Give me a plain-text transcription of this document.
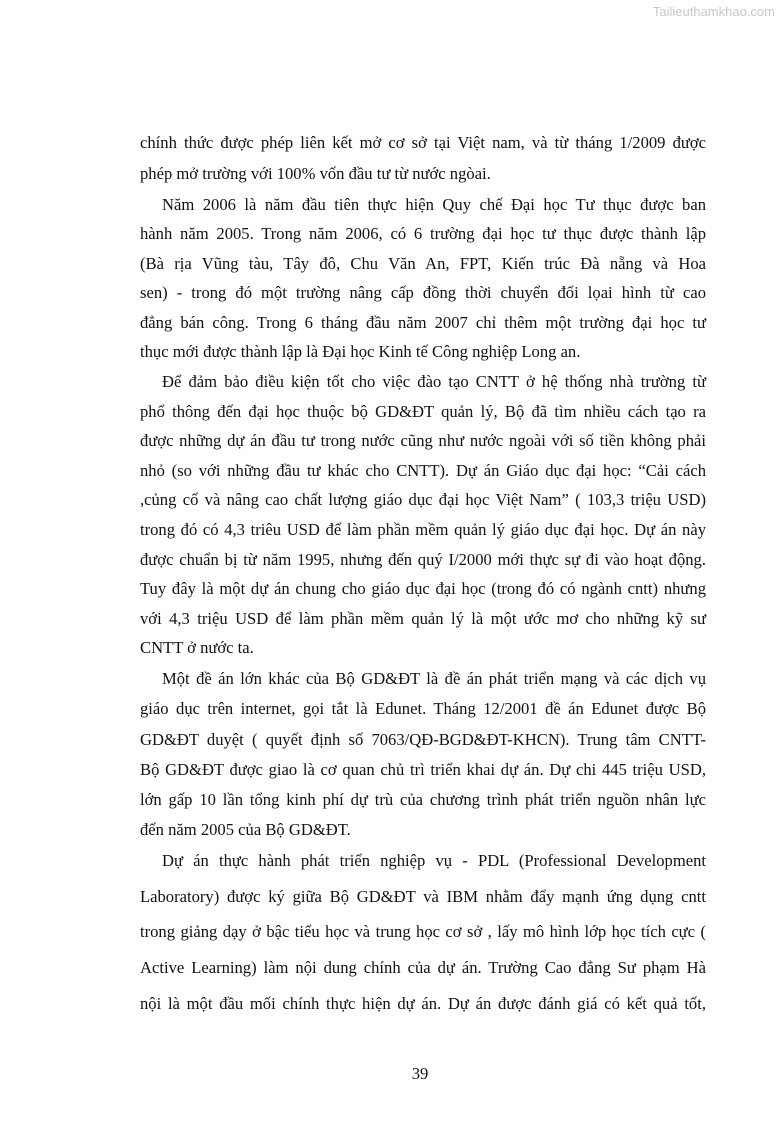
Tailieuthamkhao.com
chính thức được phép liên kết mở cơ sở tại Việt nam, và từ tháng 1/2009 được
phép mở trường với 100% vốn đầu tư từ nước ngòai.
Năm 2006 là năm đầu tiên thực hiện Quy chế Đại học Tư thục được ban
hành năm 2005. Trong năm 2006, có 6 trường đại học tư thục được thành lập
(Bà rịa Vũng tàu, Tây đô, Chu Văn An, FPT, Kiến trúc Đà nẵng và Hoa
sen) - trong đó một trường nâng cấp đồng thời chuyển đổi lọai hình từ cao
đẳng bán công. Trong 6 tháng đầu năm 2007 chỉ thêm một trường đại học tư
thục mới được thành lập là Đại học Kinh tế Công nghiệp Long an.
Để đảm bảo điều kiện tốt cho việc đào tạo CNTT ở hệ thống nhà trường từ
phổ thông đến đại học thuộc bộ GD&ĐT quản lý, Bộ đã tìm nhiều cách tạo ra
được những dự án đầu tư trong nước cũng như nước ngoài với số tiền không phải
nhỏ (so với những đầu tư khác cho CNTT). Dự án Giáo dục đại học: “Cải cách
,củng cố và nâng cao chất lượng giáo dục đại học Việt Nam” ( 103,3 triệu USD)
trong đó có 4,3 triêu USD để làm phần mềm quản lý giáo dục đại học. Dự án này
được chuẩn bị từ năm 1995, nhưng đến quý I/2000 mới thực sự đi vào hoạt động.
Tuy đây là một dự án chung cho giáo dục đại học (trong đó có ngành cntt) nhưng
với 4,3 triệu USD để làm phần mềm quản lý là một ước mơ cho những kỹ sư
CNTT ở nước ta.
Một đề án lớn khác của Bộ GD&ĐT là đề án phát triển mạng và các dịch vụ
giáo dục trên internet, gọi tắt là Edunet. Tháng 12/2001 đề án Edunet được Bộ
GD&ĐT duyệt ( quyết định số 7063/QĐ-BGD&ĐT-KHCN). Trung tâm CNTT-
Bộ GD&ĐT được giao là cơ quan chủ trì triển khai dự án. Dự chi 445 triệu USD,
lớn gấp 10 lần tổng kinh phí dự trù của chương trình phát triển nguồn nhân lực
đến năm 2005 của Bộ GD&ĐT.
Dự án thực hành phát triển nghiệp vụ - PDL (Professional Development
Laboratory) được ký giữa Bộ GD&ĐT và IBM nhằm đẩy mạnh ứng dụng cntt
trong giảng dạy ở bậc tiểu học và trung học cơ sở , lấy mô hình lớp học tích cực (
Active Learning) làm nội dung chính của dự án. Trường Cao đẳng Sư phạm Hà
nội là một đầu mối chính thực hiện dự án. Dự án được đánh giá có kết quả tốt,
39
